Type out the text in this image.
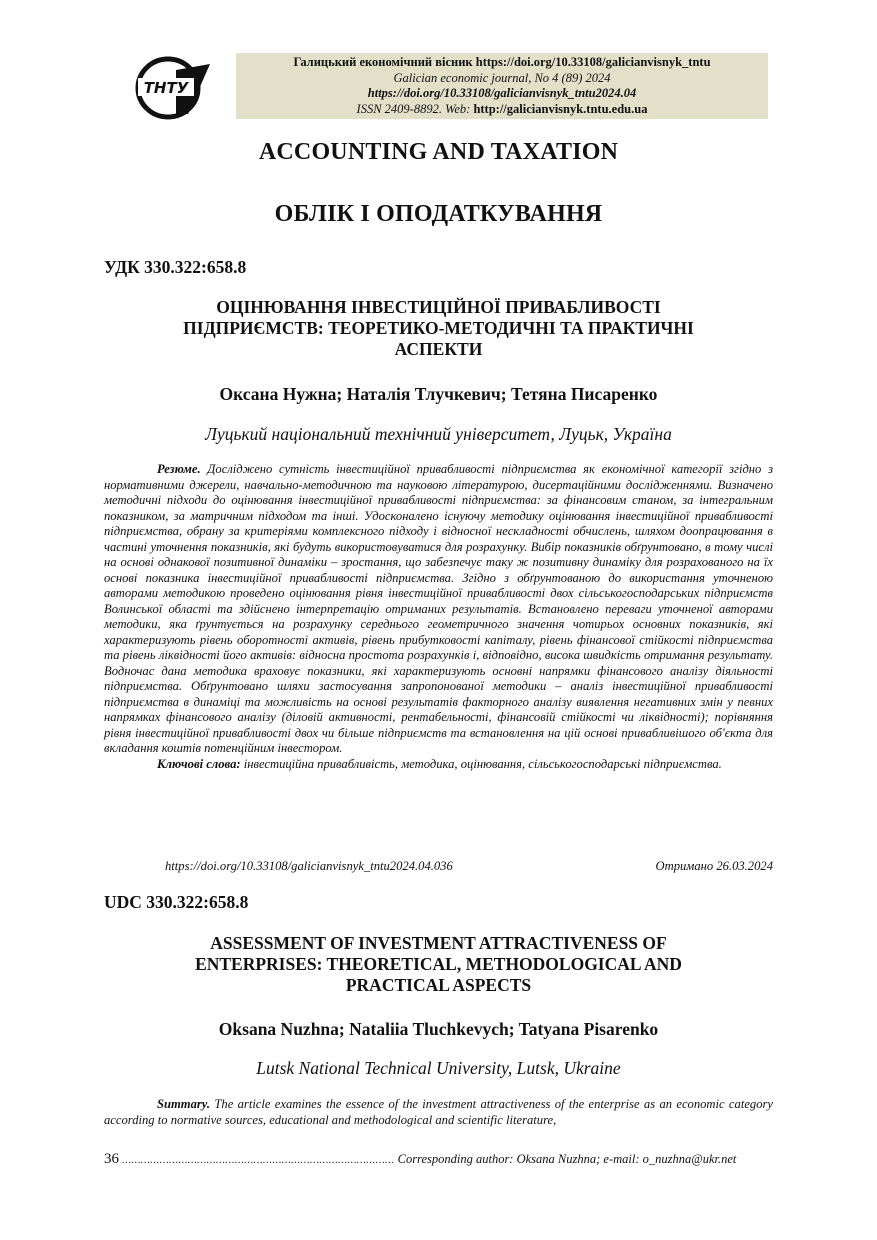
ТНТУ
Галицький економічний вісник https://doi.org/10.33108/galicianvisnyk_tntu
Galician economic journal, No 4 (89) 2024
https://doi.org/10.33108/galicianvisnyk_tntu2024.04
ISSN 2409-8892. Web: http://galicianvisnyk.tntu.edu.ua
ACCOUNTING AND TAXATION
ОБЛІК І ОПОДАТКУВАННЯ
УДК 330.322:658.8
ОЦІНЮВАННЯ ІНВЕСТИЦІЙНОЇ ПРИВАБЛИВОСТІ
ПІДПРИЄМСТВ: ТЕОРЕТИКО-МЕТОДИЧНІ ТА ПРАКТИЧНІ
АСПЕКТИ
Оксана Нужна; Наталія Тлучкевич; Тетяна Писаренко
Луцький національний технічний університет, Луцьк, Україна
Резюме. Досліджено сутність інвестиційної привабливості підприємства як економічної категорії згідно з нормативними джерели, навчально-методичною та науковою літературою, дисертаційними дослідженнями. Визначено методичні підходи до оцінювання інвестиційної привабливості підприємства: за фінансовим станом, за інтегральним показником, за матричним підходом та інші. Удосконалено існуючу методику оцінювання інвестиційної привабливості підприємства, обрану за критеріями комплексного підходу і відносної нескладності обчислень, шляхом доопрацювання в частині уточнення показників, які будуть використовуватися для розрахунку. Вибір показників обґрунтовано, в тому числі на основі однакової позитивної динаміки – зростання, що забезпечує таку ж позитивну динаміку для розрахованого на їх основі показника інвестиційної привабливості підприємства. Згідно з обґрунтованою до використання уточненою авторами методикою проведено оцінювання рівня інвестиційної привабливості двох сільськогосподарських підприємств Волинської області та здійснено інтерпретацію отриманих результатів. Встановлено переваги уточненої авторами методики, яка ґрунтується на розрахунку середнього геометричного значення чотирьох основних показників, які характеризують рівень оборотності активів, рівень прибутковості капіталу, рівень фінансової стійкості підприємства та рівень ліквідності його активів: відносна простота розрахунків і, відповідно, висока швидкість отримання результату. Водночас дана методика враховує показники, які характеризують основні напрямки фінансового аналізу діяльності підприємства. Обґрунтовано шляхи застосування запропонованої методики – аналіз інвестиційної привабливості підприємства в динаміці та можливість на основі результатів факторного аналізу виявлення негативних змін у певних напрямках фінансового аналізу (діловій активності, рентабельності, фінансовій стійкості чи ліквідності); порівняння рівня інвестиційної привабливості двох чи більше підприємств та встановлення на цій основі привабливішого об'єкта для вкладання коштів потенційним інвестором.
Ключові слова: інвестиційна привабливість, методика, оцінювання, сільськогосподарські підприємства.
https://doi.org/10.33108/galicianvisnyk_tntu2024.04.036	Отримано 26.03.2024
UDC 330.322:658.8
ASSESSMENT OF INVESTMENT ATTRACTIVENESS OF
ENTERPRISES: THEORETICAL, METHODOLOGICAL AND
PRACTICAL ASPECTS
Oksana Nuzhna; Nataliia Tluchkevych; Tatyana Pisarenko
Lutsk National Technical University, Lutsk, Ukraine
Summary. The article examines the essence of the investment attractiveness of the enterprise as an economic category according to normative sources, educational and methodological and scientific literature,
36 …………………………………………………………………………… Corresponding author: Oksana Nuzhna; e-mail: o_nuzhna@ukr.net
